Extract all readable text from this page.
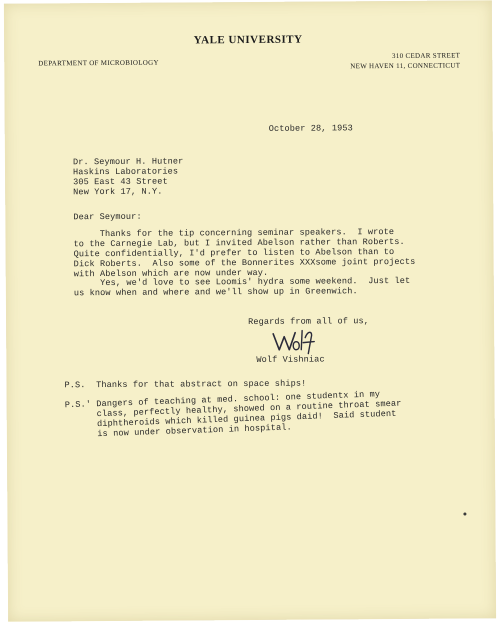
YALE UNIVERSITY
DEPARTMENT OF MICROBIOLOGY
310 CEDAR STREET
NEW HAVEN 11, CONNECTICUT
October 28, 1953
Dr. Seymour H. Hutner
Haskins Laboratories
305 East 43 Street
New York 17, N.Y.
Dear Seymour:
Thanks for the tip concerning seminar speakers.  I wrote
to the Carnegie Lab, but I invited Abelson rather than Roberts.
Quite confidentially, I'd prefer to listen to Abelson than to
Dick Roberts.  Also some of the Bonnerites XXXsome joint projects
with Abelson which are now under way.
Yes, we'd love to see Loomis' hydra some weekend.  Just let
us know when and where and we'll show up in Greenwich.
Regards from all of us,
Wolf Vishniac
P.S.  Thanks for that abstract on space ships!
P.S.' Dangers of teaching at med. school: one studentx in my
class, perfectly healthy, showed on a routine throat smear
diphtheroids which killed guinea pigs daid!  Said student
is now under observation in hospital.
